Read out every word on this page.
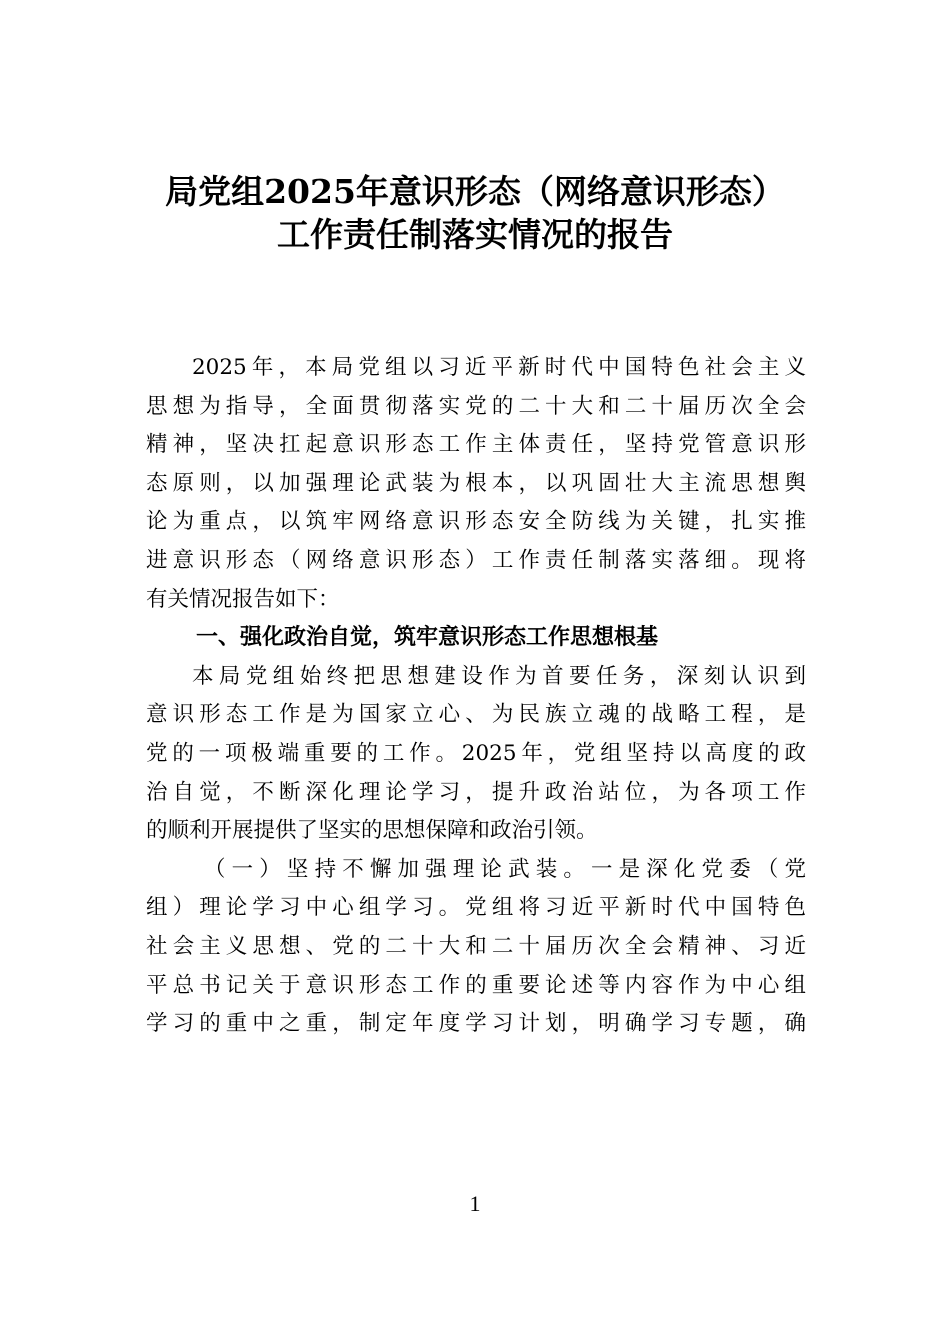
局党组2025年意识形态（网络意识形态）
工作责任制落实情况的报告
2025年，本局党组以习近平新时代中国特色社会主义
思想为指导，全面贯彻落实党的二十大和二十届历次全会
精神，坚决扛起意识形态工作主体责任，坚持党管意识形
态原则，以加强理论武装为根本，以巩固壮大主流思想舆
论为重点，以筑牢网络意识形态安全防线为关键，扎实推
进意识形态（网络意识形态）工作责任制落实落细。现将
有关情况报告如下：
一、强化政治自觉，筑牢意识形态工作思想根基
本局党组始终把思想建设作为首要任务，深刻认识到
意识形态工作是为国家立心、为民族立魂的战略工程，是
党的一项极端重要的工作。2025年，党组坚持以高度的政
治自觉，不断深化理论学习，提升政治站位，为各项工作
的顺利开展提供了坚实的思想保障和政治引领。
（一）坚持不懈加强理论武装。一是深化党委（党
组）理论学习中心组学习。党组将习近平新时代中国特色
社会主义思想、党的二十大和二十届历次全会精神、习近
平总书记关于意识形态工作的重要论述等内容作为中心组
学习的重中之重，制定年度学习计划，明确学习专题，确
1
